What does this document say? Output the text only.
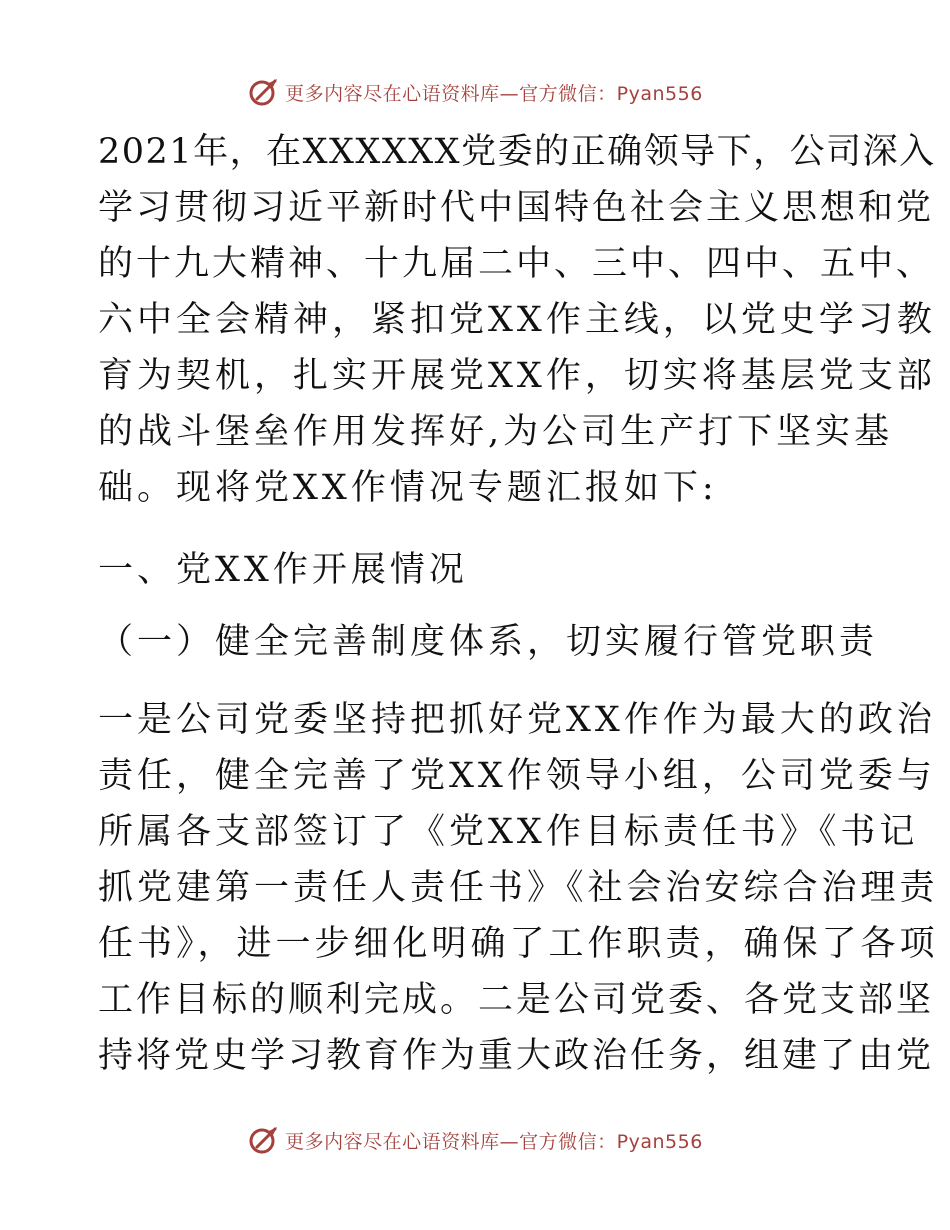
更多内容尽在心语资料库—官方微信：Pyan556
2021年，在XXXXXX党委的正确领导下，公司深入
学习贯彻习近平新时代中国特色社会主义思想和党
的十九大精神、十九届二中、三中、四中、五中、
六中全会精神，紧扣党XX作主线，以党史学习教
育为契机，扎实开展党XX作，切实将基层党支部
的战斗堡垒作用发挥好,为公司生产打下坚实基
础。现将党XX作情况专题汇报如下:
一、党XX作开展情况
（一）健全完善制度体系，切实履行管党职责
一是公司党委坚持把抓好党XX作作为最大的政治
责任，健全完善了党XX作领导小组，公司党委与
所属各支部签订了《党XX作目标责任书》《书记
抓党建第一责任人责任书》《社会治安综合治理责
任书》，进一步细化明确了工作职责，确保了各项
工作目标的顺利完成。二是公司党委、各党支部坚
持将党史学习教育作为重大政治任务，组建了由党
更多内容尽在心语资料库—官方微信：Pyan556
